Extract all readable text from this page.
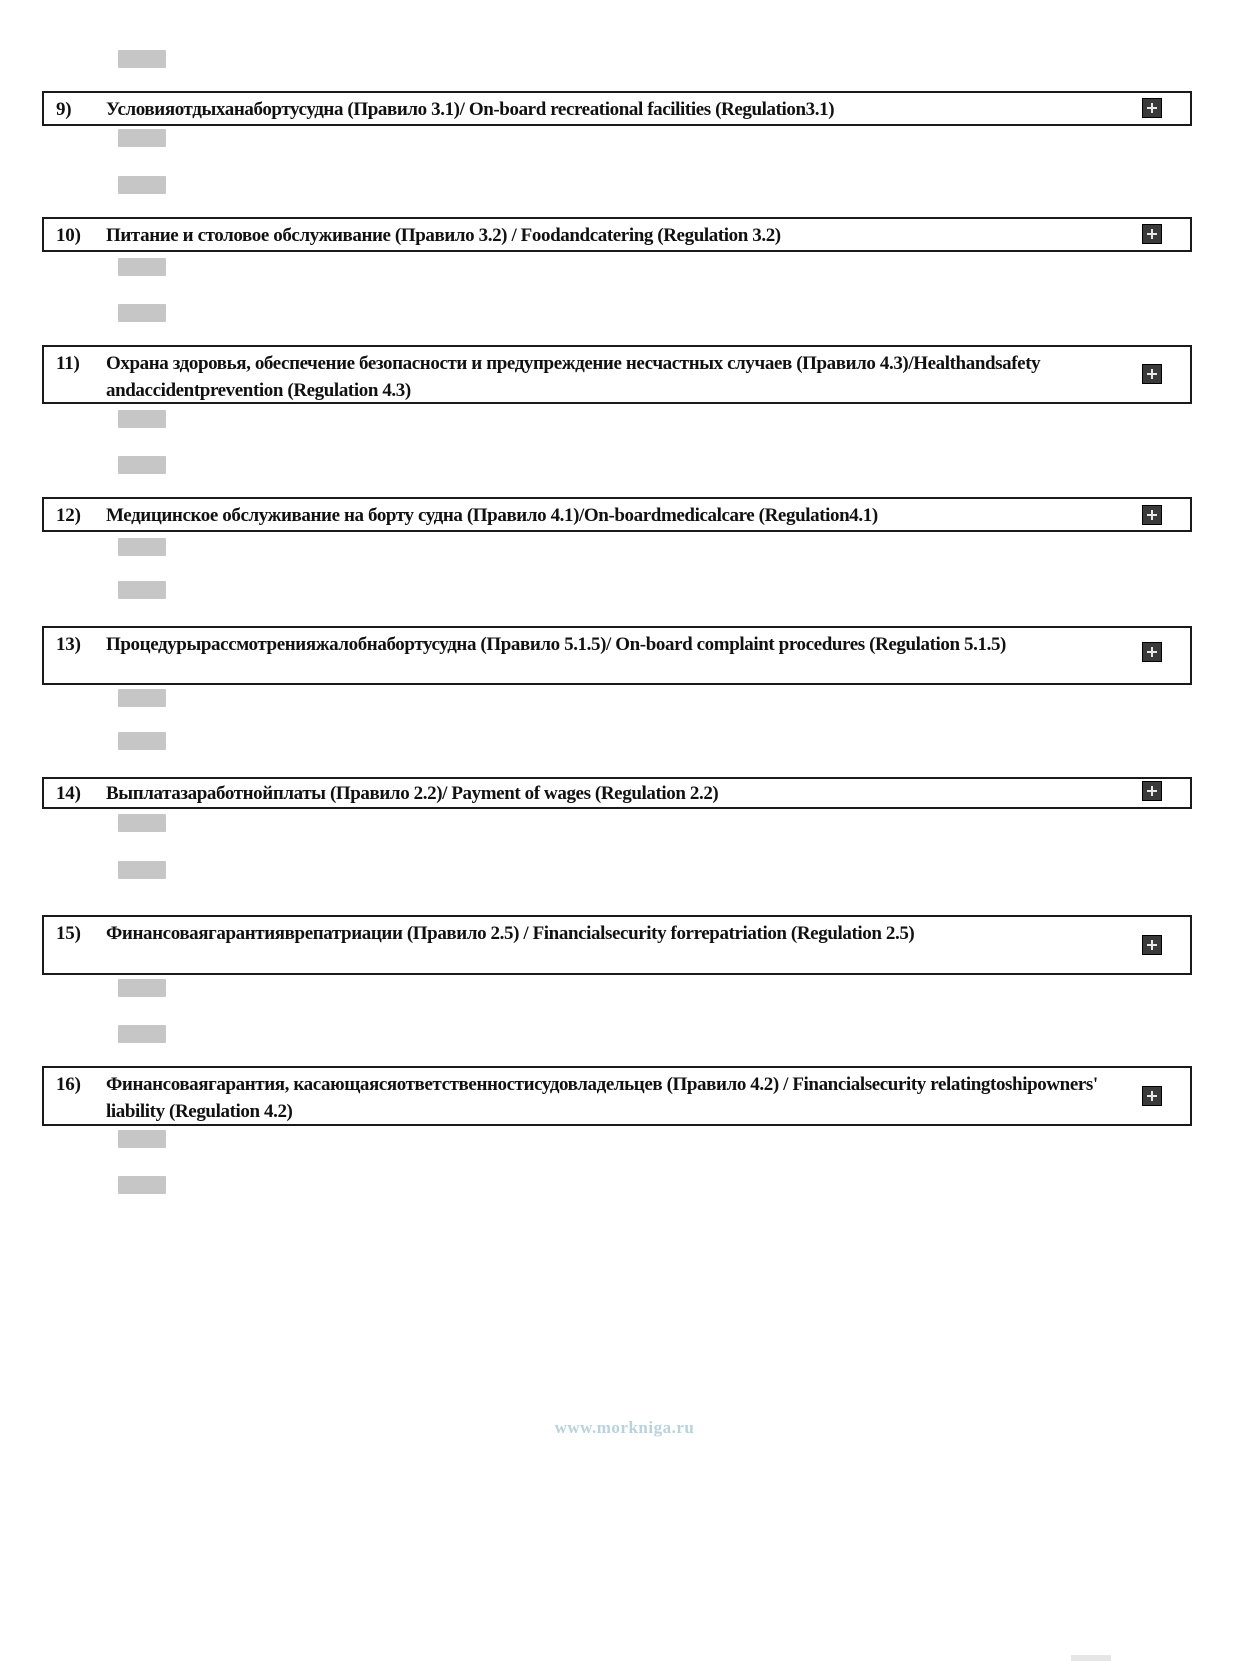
9) Условияотдыханабортусудна (Правило 3.1)/ On-board recreational facilities (Regulation3.1)
10) Питание и столовое обслуживание (Правило 3.2) / Foodandcatering (Regulation 3.2)
11) Охрана здоровья, обеспечение безопасности и предупреждение несчастных случаев (Правило 4.3)/Healthandsafety andaccidentprevention (Regulation 4.3)
12) Медицинское обслуживание на борту судна (Правило 4.1)/On-boardmedicalcare (Regulation4.1)
13) Процедурырассмотренияжалобнабортусудна (Правило 5.1.5)/ On-board complaint procedures (Regulation 5.1.5)
14) Выплатазаработнойплаты (Правило 2.2)/ Payment of wages (Regulation 2.2)
15) Финансоваягарантияврепатриации (Правило 2.5) / Financialsecurity forrepatriation (Regulation 2.5)
16) Финансоваягарантия, касающаясяответственностисудовладельцев (Правило 4.2) / Financialsecurity relatingtoshipowners' liability (Regulation 4.2)
www.morkniga.ru
